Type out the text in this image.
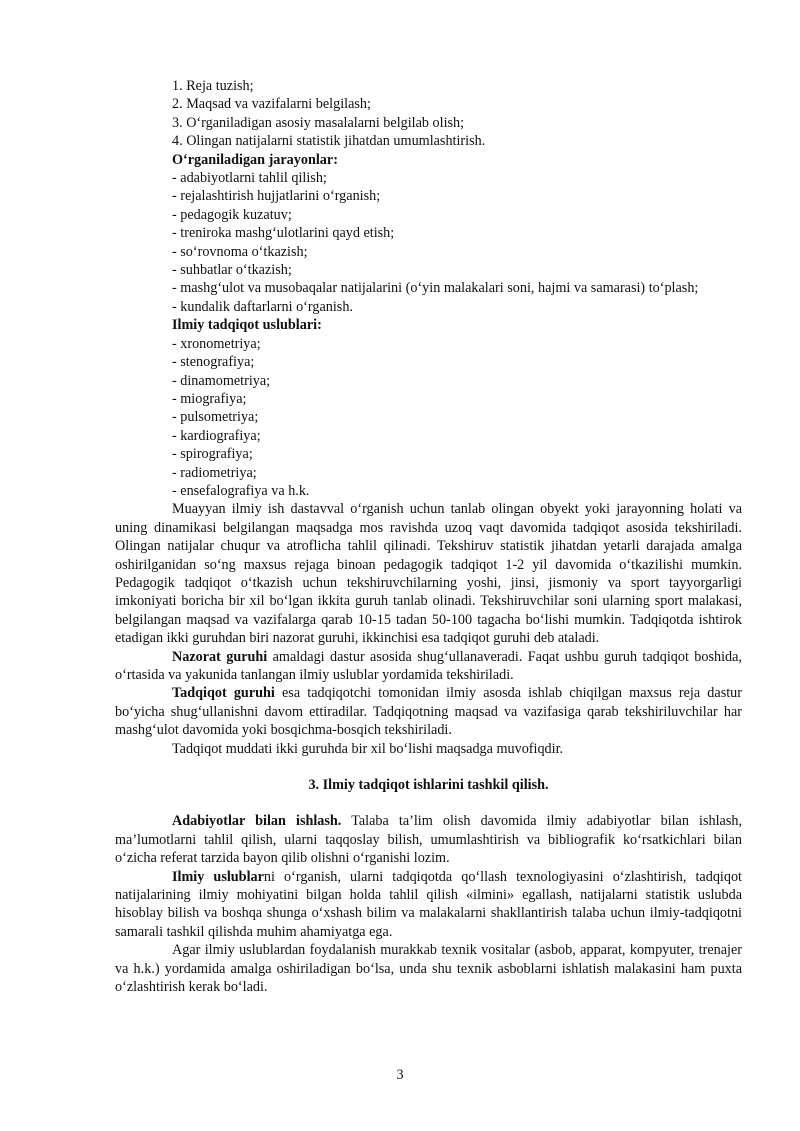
1. Reja tuzish;
2. Maqsad va vazifalarni belgilash;
3. O‘rganiladigan asosiy masalalarni belgilab olish;
4. Olingan natijalarni statistik jihatdan umumlashtirish.
O‘rganiladigan jarayonlar:
- adabiyotlarni tahlil qilish;
- rejalashtirish hujjatlarini o‘rganish;
- pedagogik kuzatuv;
- treniroka mashg‘ulotlarini qayd etish;
- so‘rovnoma o‘tkazish;
- suhbatlar o‘tkazish;
- mashg‘ulot va musobaqalar natijalarini (o‘yin malakalari soni, hajmi va samarasi) to‘plash;
- kundalik daftarlarni o‘rganish.
Ilmiy tadqiqot uslublari:
- xronometriya;
- stenografiya;
- dinamometriya;
- miografiya;
- pulsometriya;
- kardiografiya;
- spirografiya;
- radiometriya;
- ensefalografiya va h.k.
Muayyan ilmiy ish dastavval o‘rganish uchun tanlab olingan obyekt yoki jarayonning holati va uning dinamikasi belgilangan maqsadga mos ravishda uzoq vaqt davomida tadqiqot asosida tekshiriladi. Olingan natijalar chuqur va atroflicha tahlil qilinadi. Tekshiruv statistik jihatdan yetarli darajada amalga oshirilganidan so‘ng maxsus rejaga binoan pedagogik tadqiqot 1-2 yil davomida o‘tkazilishi mumkin. Pedagogik tadqiqot o‘tkazish uchun tekshiruvchilarning yoshi, jinsi, jismoniy va sport tayyorgarligi imkoniyati boricha bir xil bo‘lgan ikkita guruh tanlab olinadi. Tekshiruvchilar soni ularning sport malakasi, belgilangan maqsad va vazifalarga qarab 10-15 tadan 50-100 tagacha bo‘lishi mumkin. Tadqiqotda ishtirok etadigan ikki guruhdan biri nazorat guruhi, ikkinchisi esa tadqiqot guruhi deb ataladi.
Nazorat guruhi amaldagi dastur asosida shug‘ullanaveradi. Faqat ushbu guruh tadqiqot boshida, o‘rtasida va yakunida tanlangan ilmiy uslublar yordamida tekshiriladi.
Tadqiqot guruhi esa tadqiqotchi tomonidan ilmiy asosda ishlab chiqilgan maxsus reja dastur bo‘yicha shug‘ullanishni davom ettiradilar. Tadqiqotning maqsad va vazifasiga qarab tekshiriluvchilar har mashg‘ulot davomida yoki bosqichma-bosqich tekshiriladi.
Tadqiqot muddati ikki guruhda bir xil bo‘lishi maqsadga muvofiqdir.
3. Ilmiy tadqiqot ishlarini tashkil qilish.
Adabiyotlar bilan ishlash. Talaba ta’lim olish davomida ilmiy adabiyotlar bilan ishlash, ma’lumotlarni tahlil qilish, ularni taqqoslay bilish, umumlashtirish va bibliografik ko‘rsatkichlari bilan o‘zicha referat tarzida bayon qilib olishni o‘rganishi lozim.
Ilmiy uslublarni o‘rganish, ularni tadqiqotda qo‘llash texnologiyasini o‘zlashtirish, tadqiqot natijalarining ilmiy mohiyatini bilgan holda tahlil qilish «ilmini» egallash, natijalarni statistik uslubda hisoblay bilish va boshqa shunga o‘xshash bilim va malakalarni shakllantirish talaba uchun ilmiy-tadqiqotni samarali tashkil qilishda muhim ahamiyatga ega.
Agar ilmiy uslublardan foydalanish murakkab texnik vositalar (asbob, apparat, kompyuter, trenajer va h.k.) yordamida amalga oshiriladigan bo‘lsa, unda shu texnik asboblarni ishlatish malakasini ham puxta o‘zlashtirish kerak bo‘ladi.
3
